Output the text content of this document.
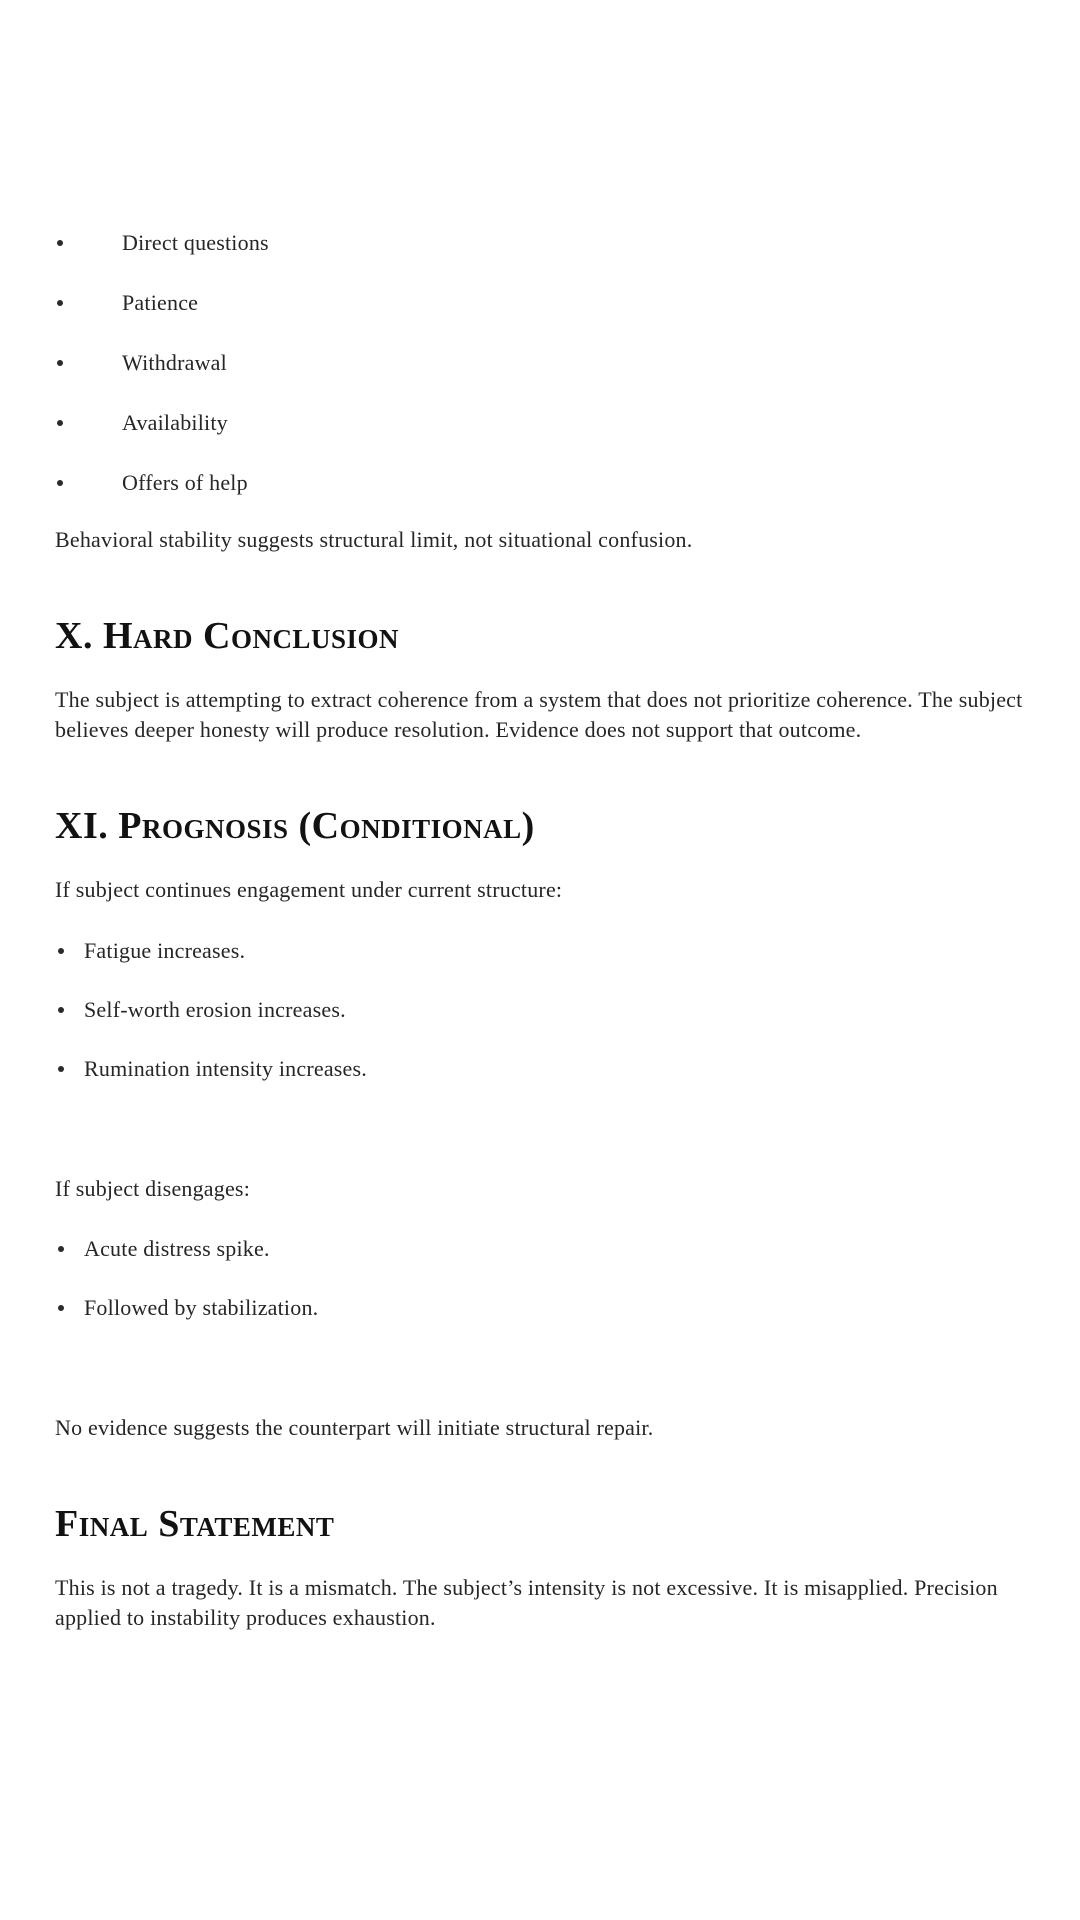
Direct questions
Patience
Withdrawal
Availability
Offers of help

Behavioral stability suggests structural limit, not situational confusion.

X. Hard Conclusion

The subject is attempting to extract coherence from a system that does not prioritize coherence. The subject believes deeper honesty will produce resolution. Evidence does not support that outcome.

XI. Prognosis (Conditional)

If subject continues engagement under current structure:

Fatigue increases.
Self-worth erosion increases.
Rumination intensity increases.

If subject disengages:

Acute distress spike.
Followed by stabilization.

No evidence suggests the counterpart will initiate structural repair.

Final Statement

This is not a tragedy. It is a mismatch. The subject’s intensity is not excessive. It is misapplied. Precision applied to instability produces exhaustion.
